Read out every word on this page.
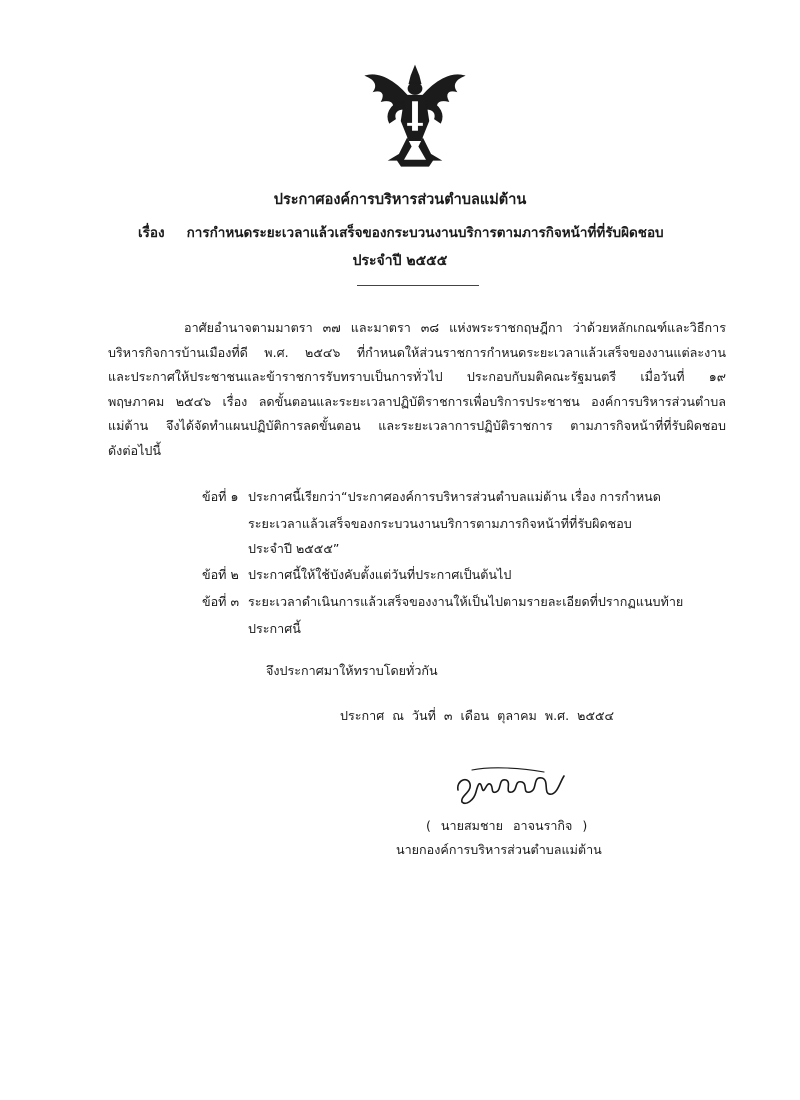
ประกาศองค์การบริหารส่วนตำบลแม่ต้าน
เรื่อง การกำหนดระยะเวลาแล้วเสร็จของกระบวนงานบริการตามภารกิจหน้าที่ที่รับผิดชอบ
ประจำปี ๒๕๕๕
อาศัยอำนาจตามมาตรา ๓๗ และมาตรา ๓๘ แห่งพระราชกฤษฎีกา ว่าด้วยหลักเกณฑ์และวิธีการ
บริหารกิจการบ้านเมืองที่ดี พ.ศ. ๒๕๔๖ ที่กำหนดให้ส่วนราชการกำหนดระยะเวลาแล้วเสร็จของงานแต่ละงาน
และประกาศให้ประชาชนและข้าราชการรับทราบเป็นการทั่วไป ประกอบกับมติคณะรัฐมนตรี เมื่อวันที่ ๑๙
พฤษภาคม ๒๕๔๖ เรื่อง ลดขั้นตอนและระยะเวลาปฏิบัติราชการเพื่อบริการประชาชน องค์การบริหารส่วนตำบล
แม่ต้าน จึงได้จัดทำแผนปฏิบัติการลดขั้นตอน และระยะเวลาการปฏิบัติราชการ ตามภารกิจหน้าที่ที่รับผิดชอบ
ดังต่อไปนี้
ข้อที่ ๑ ประกาศนี้เรียกว่า“ประกาศองค์การบริหารส่วนตำบลแม่ต้าน เรื่อง การกำหนด
ระยะเวลาแล้วเสร็จของกระบวนงานบริการตามภารกิจหน้าที่ที่รับผิดชอบ
ประจำปี ๒๕๕๕”
ข้อที่ ๒ ประกาศนี้ให้ใช้บังคับตั้งแต่วันที่ประกาศเป็นต้นไป
ข้อที่ ๓ ระยะเวลาดำเนินการแล้วเสร็จของงานให้เป็นไปตามรายละเอียดที่ปรากฏแนบท้าย
ประกาศนี้
จึงประกาศมาให้ทราบโดยทั่วกัน
ประกาศ ณ วันที่ ๓ เดือน ตุลาคม พ.ศ. ๒๕๕๔
( นายสมชาย อาจนรากิจ )
นายกองค์การบริหารส่วนตำบลแม่ต้าน
